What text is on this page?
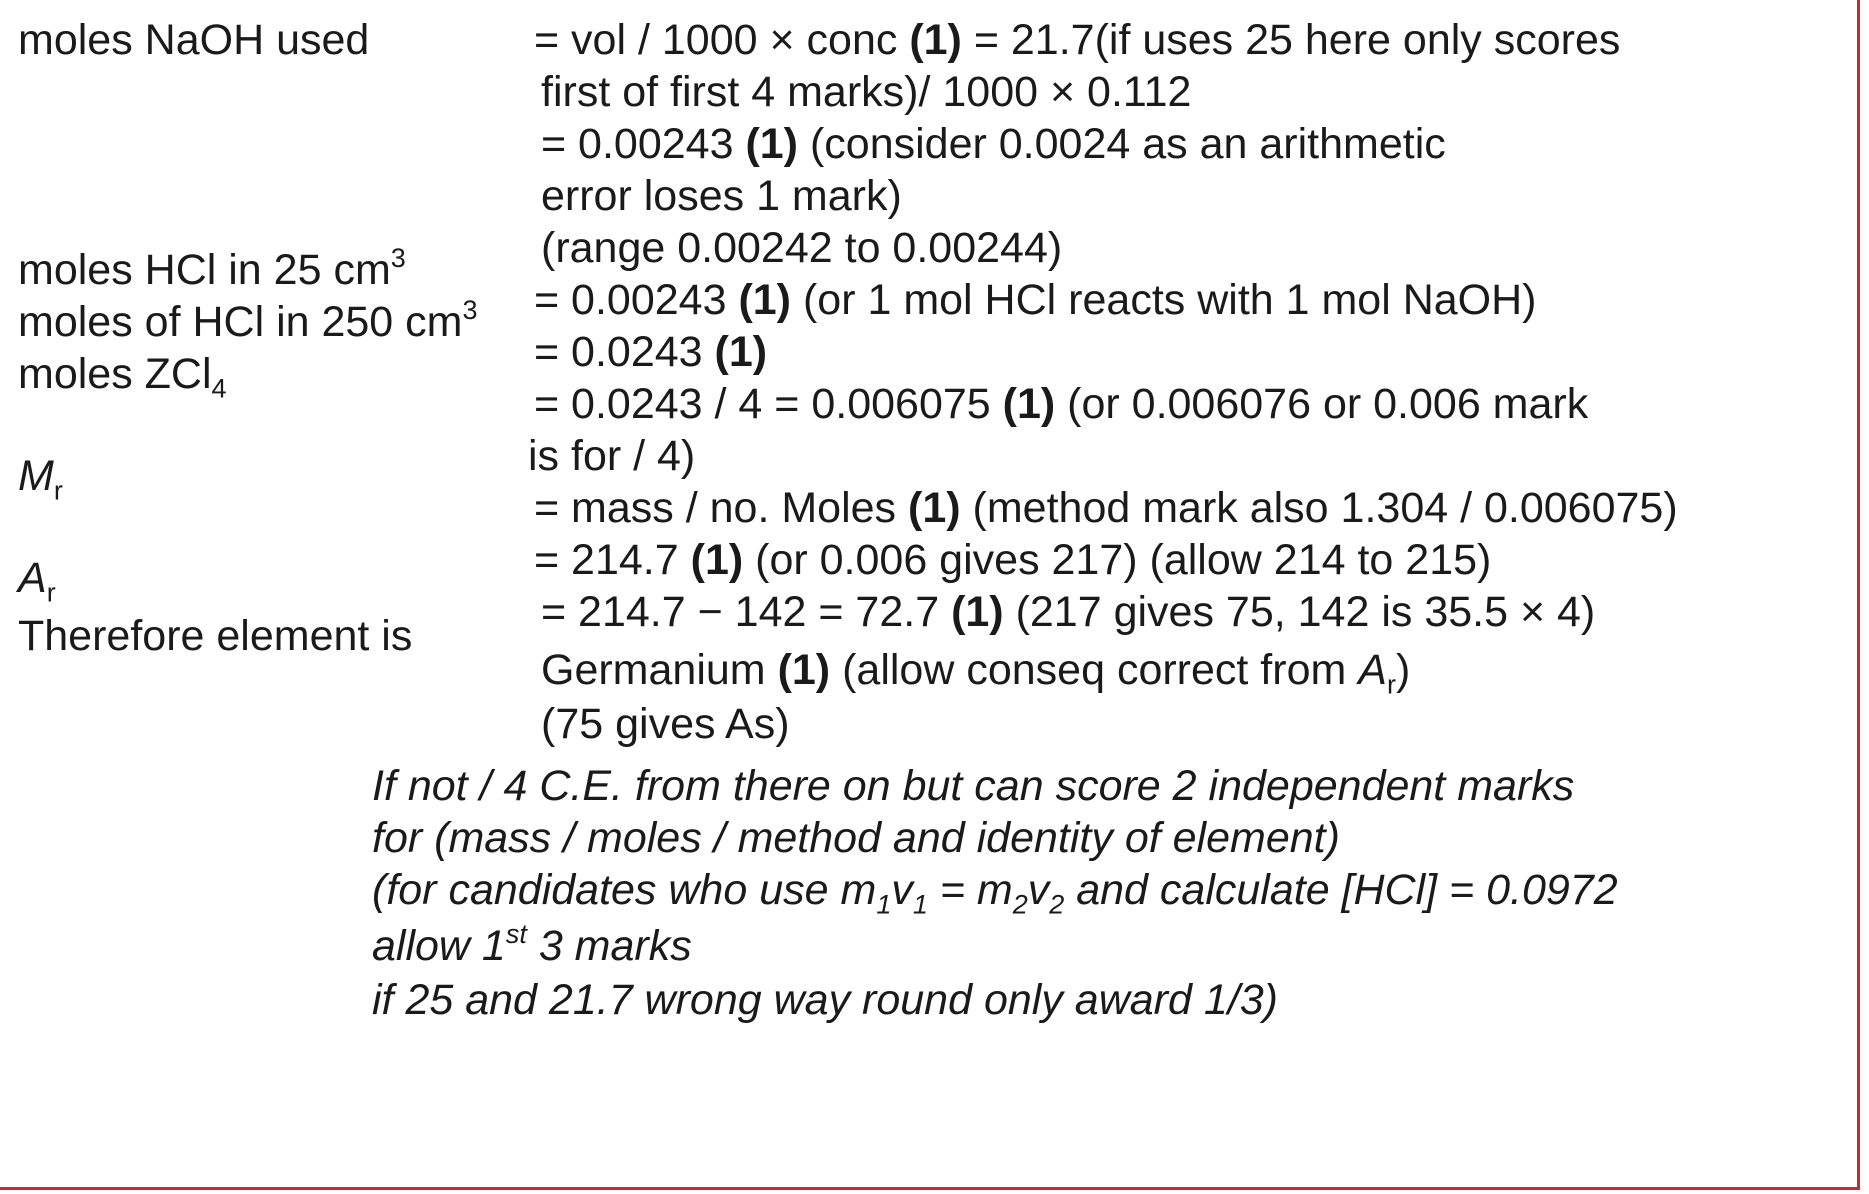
moles NaOH used
moles HCl in 25 $cm^3$
moles of HCl in 250 $cm^3$
moles ZCl$_4$
$M_r$
$A_r$
Therefore element is
= vol / 1000 × conc (1) = 21.7(if uses 25 here only scores
first of first 4 marks)/ 1000 × 0.112
= 0.00243 (1) (consider 0.0024 as an arithmetic
error loses 1 mark)
(range 0.00242 to 0.00244)
= 0.00243 (1) (or 1 mol HCl reacts with 1 mol NaOH)
= 0.0243 (1)
= 0.0243 / 4 = 0.006075 (1) (or 0.006076 or 0.006 mark
is for / 4)
= mass / no. Moles (1) (method mark also 1.304 / 0.006075)
= 214.7 (1) (or 0.006 gives 217) (allow 214 to 215)
= 214.7 − 142 = 72.7 (1) (217 gives 75, 142 is 35.5 × 4)
Germanium (1) (allow conseq correct from $A_r$)
(75 gives As)
If not / 4 C.E. from there on but can score 2 independent marks
for (mass / moles / method and identity of element)
(for candidates who use $m_1v_1 = m_2v_2$ and calculate [HCl] = 0.0972
allow 1st 3 marks
if 25 and 21.7 wrong way round only award 1/3)
